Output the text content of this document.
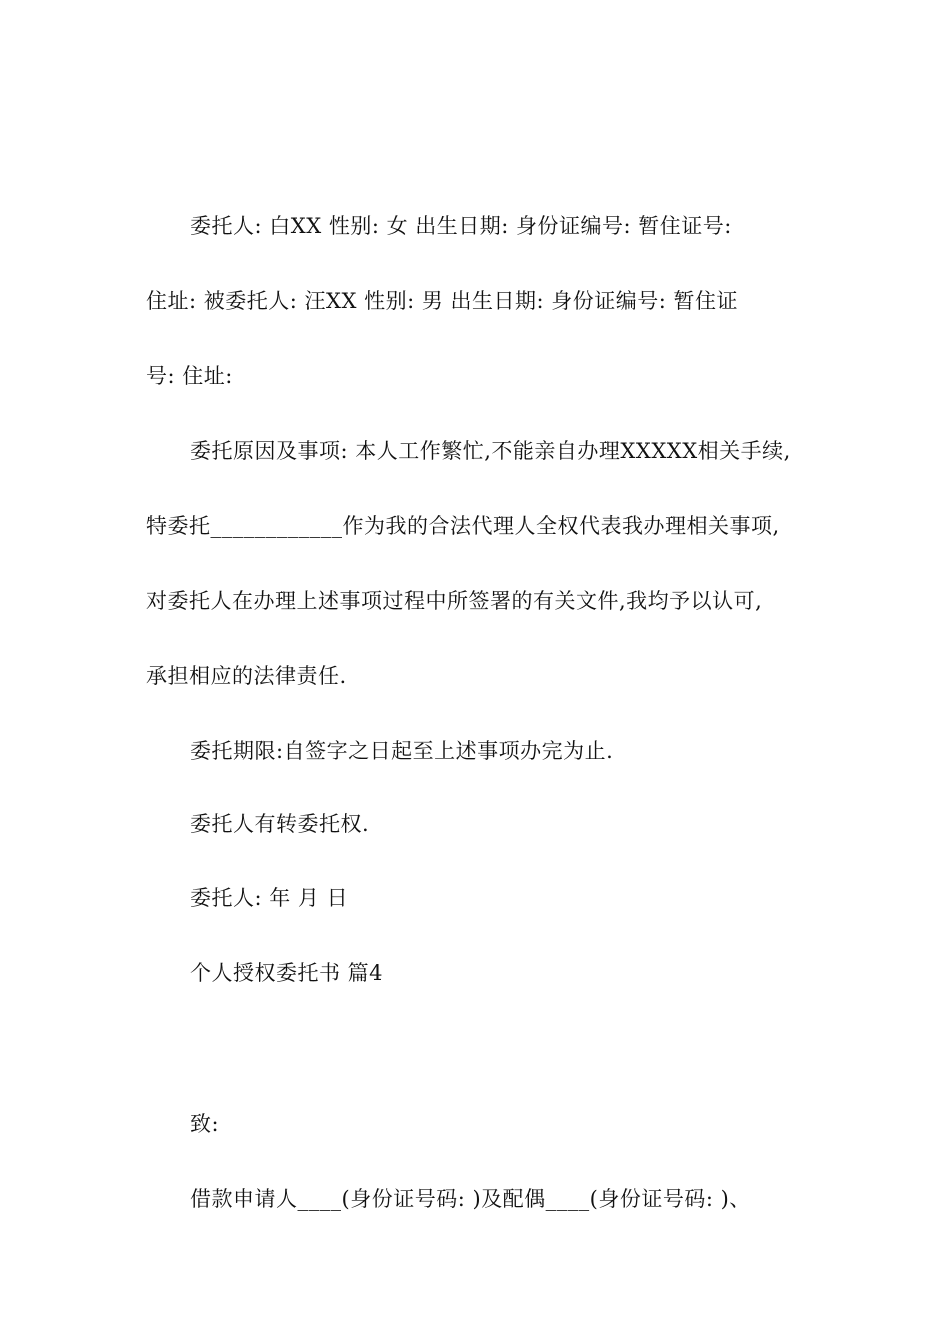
委托人: 白XX 性别: 女 出生日期: 身份证编号: 暂住证号:
住址: 被委托人: 汪XX 性别: 男 出生日期: 身份证编号: 暂住证
号: 住址:
委托原因及事项: 本人工作繁忙,不能亲自办理XXXXX相关手续,
特委托____________作为我的合法代理人全权代表我办理相关事项,
对委托人在办理上述事项过程中所签署的有关文件,我均予以认可,
承担相应的法律责任.
委托期限:自签字之日起至上述事项办完为止.
委托人有转委托权.
委托人: 年 月 日
个人授权委托书 篇4
致:
借款申请人____(身份证号码: )及配偶____(身份证号码: )、
